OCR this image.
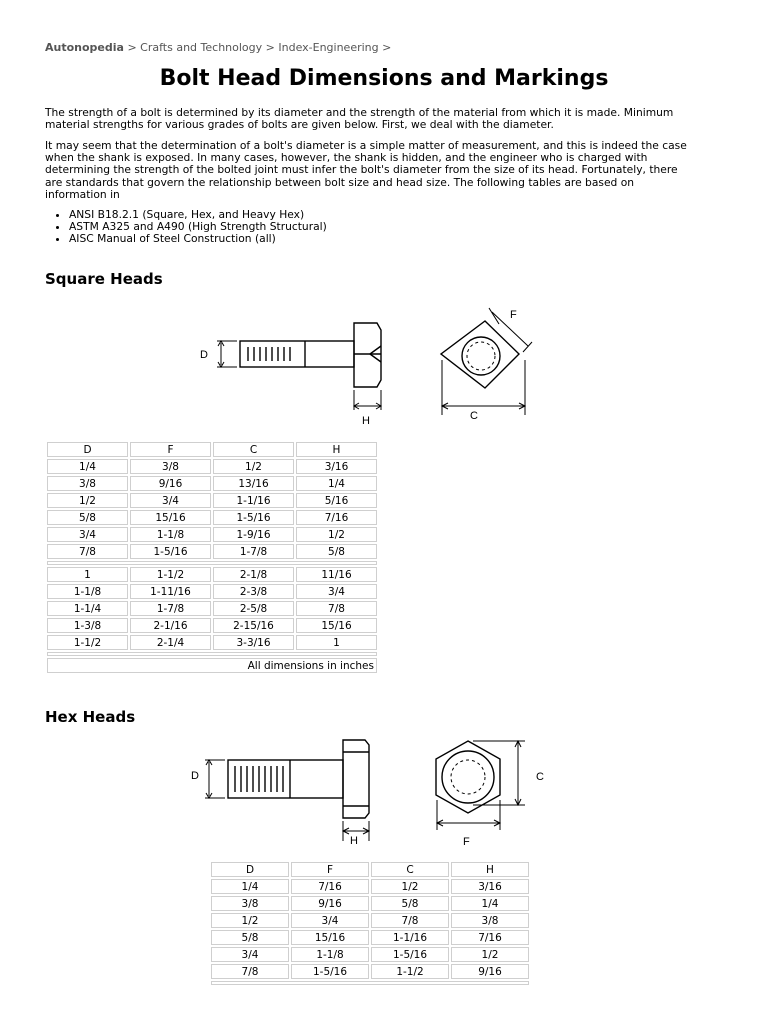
Autonopedia > Crafts and Technology > Index-Engineering >
Bolt Head Dimensions and Markings

The strength of a bolt is determined by its diameter and the strength of the material from which it is made. Minimum material strengths for various grades of bolts are given below. First, we deal with the diameter.

It may seem that the determination of a bolt's diameter is a simple matter of measurement, and this is indeed the case when the shank is exposed. In many cases, however, the shank is hidden, and the engineer who is charged with determining the strength of the bolted joint must infer the bolt's diameter from the size of its head. Fortunately, there are standards that govern the relationship between bolt size and head size. The following tables are based on information in

• ANSI B18.2.1 (Square, Hex, and Heavy Hex)
• ASTM A325 and A490 (High Strength Structural)
• AISC Manual of Steel Construction (all)
Square Heads
D
H
F
C
D	F	C	H
1/4	3/8	1/2	3/16
3/8	9/16	13/16	1/4
1/2	3/4	1-1/16	5/16
5/8	15/16	1-5/16	7/16
3/4	1-1/8	1-9/16	1/2
7/8	1-5/16	1-7/8	5/8

1	1-1/2	2-1/8	11/16
1-1/8	1-11/16	2-3/8	3/4
1-1/4	1-7/8	2-5/8	7/8
1-3/8	2-1/16	2-15/16	15/16
1-1/2	2-1/4	3-3/16	1

All dimensions in inches			
Hex Heads
D
H
C
F
D	F	C	H
1/4	7/16	1/2	3/16
3/8	9/16	5/8	1/4
1/2	3/4	7/8	3/8
5/8	15/16	1-1/16	7/16
3/4	1-1/8	1-5/16	1/2
7/8	1-5/16	1-1/2	9/16
